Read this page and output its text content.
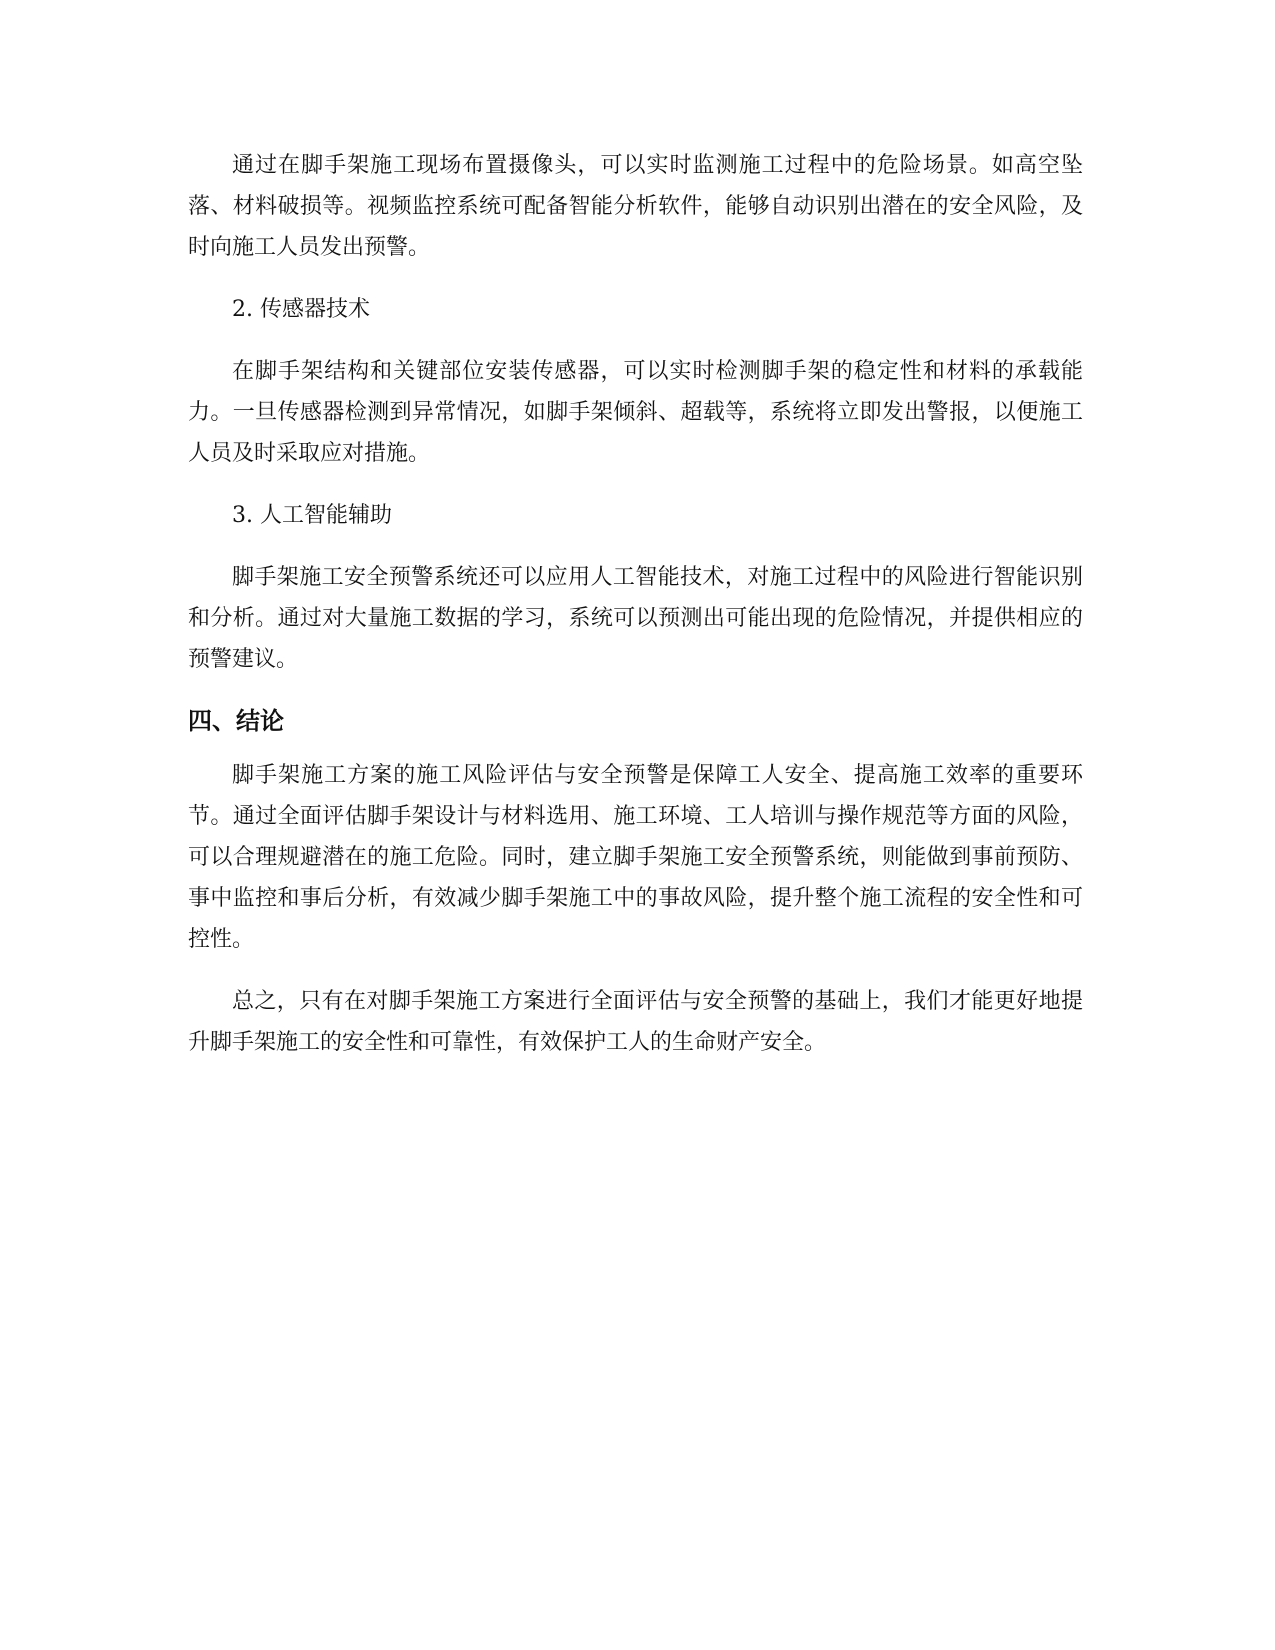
通过在脚手架施工现场布置摄像头，可以实时监测施工过程中的危险场景。如高空坠落、材料破损等。视频监控系统可配备智能分析软件，能够自动识别出潜在的安全风险，及时向施工人员发出预警。

2. 传感器技术

在脚手架结构和关键部位安装传感器，可以实时检测脚手架的稳定性和材料的承载能力。一旦传感器检测到异常情况，如脚手架倾斜、超载等，系统将立即发出警报，以便施工人员及时采取应对措施。

3. 人工智能辅助

脚手架施工安全预警系统还可以应用人工智能技术，对施工过程中的风险进行智能识别和分析。通过对大量施工数据的学习，系统可以预测出可能出现的危险情况，并提供相应的预警建议。

四、结论

脚手架施工方案的施工风险评估与安全预警是保障工人安全、提高施工效率的重要环节。通过全面评估脚手架设计与材料选用、施工环境、工人培训与操作规范等方面的风险，可以合理规避潜在的施工危险。同时，建立脚手架施工安全预警系统，则能做到事前预防、事中监控和事后分析，有效减少脚手架施工中的事故风险，提升整个施工流程的安全性和可控性。

总之，只有在对脚手架施工方案进行全面评估与安全预警的基础上，我们才能更好地提升脚手架施工的安全性和可靠性，有效保护工人的生命财产安全。
